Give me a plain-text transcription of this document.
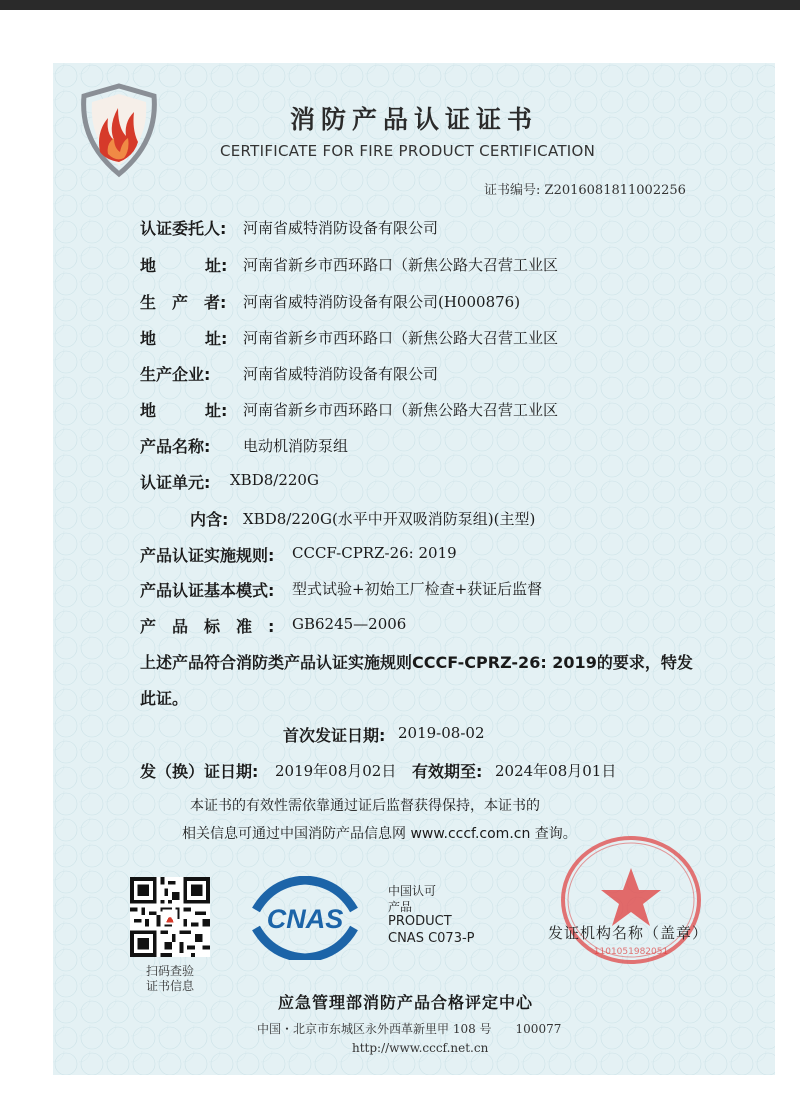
消防产品认证证书
CERTIFICATE FOR FIRE PRODUCT CERTIFICATION
证书编号: Z2016081811002256
认证委托人: 河南省威特消防设备有限公司
地	址: 河南省新乡市西环路口（新焦公路大召营工业区
生　产　者: 河南省威特消防设备有限公司(H000876)
地	址: 河南省新乡市西环路口（新焦公路大召营工业区
生产企业: 河南省威特消防设备有限公司
地	址: 河南省新乡市西环路口（新焦公路大召营工业区
产品名称: 电动机消防泵组
认证单元: XBD8/220G
内含: XBD8/220G(水平中开双吸消防泵组)(主型)
产品认证实施规则: CCCF-CPRZ-26: 2019
产品认证基本模式: 型式试验+初始工厂检查+获证后监督
产　品　标　准　: GB6245—2006
上述产品符合消防类产品认证实施规则CCCF-CPRZ-26: 2019的要求，特发
此证。
首次发证日期: 2019-08-02
发（换）证日期: 2019年08月02日 有效期至: 2024年08月01日
本证书的有效性需依靠通过证后监督获得保持，本证书的
相关信息可通过中国消防产品信息网 www.cccf.com.cn 查询。
扫码查验
证书信息
CNAS
中国认可
产品
PRODUCT
CNAS C073-P
1101051982051
发证机构名称（盖章）
应急管理部消防产品合格评定中心
中国・北京市东城区永外西革新里甲 108 号　　100077
http://www.cccf.net.cn
